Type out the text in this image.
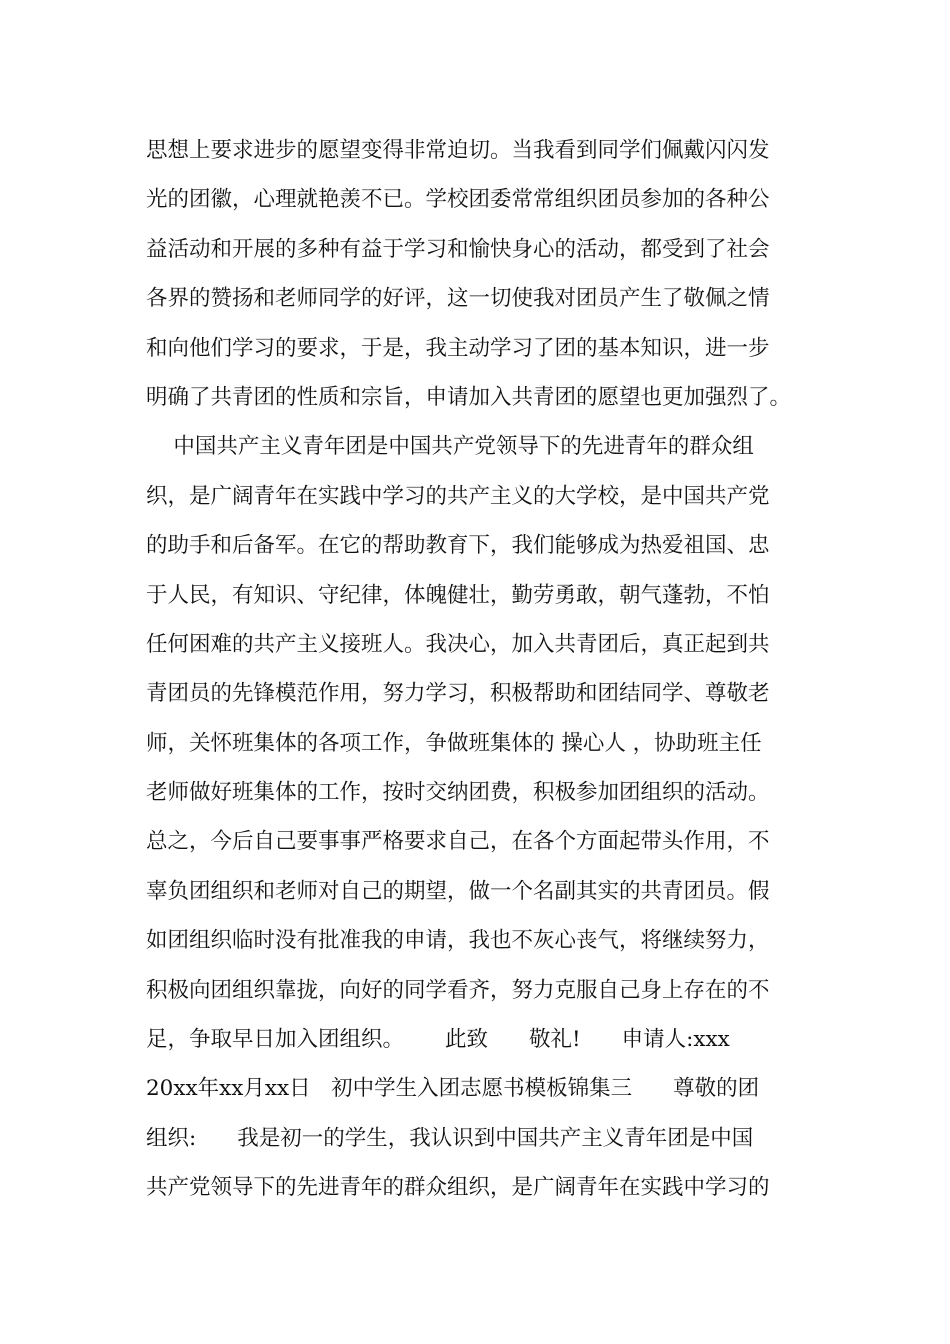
思想上要求进步的愿望变得非常迫切。当我看到同学们佩戴闪闪发
光的团徽，心理就艳羡不已。学校团委常常组织团员参加的各种公
益活动和开展的多种有益于学习和愉快身心的活动，都受到了社会
各界的赞扬和老师同学的好评，这一切使我对团员产生了敬佩之情
和向他们学习的要求，于是，我主动学习了团的基本知识，进一步
明确了共青团的性质和宗旨，申请加入共青团的愿望也更加强烈了。
中国共产主义青年团是中国共产党领导下的先进青年的群众组
织，是广阔青年在实践中学习的共产主义的大学校，是中国共产党
的助手和后备军。在它的帮助教育下，我们能够成为热爱祖国、忠
于人民，有知识、守纪律，体魄健壮，勤劳勇敢，朝气蓬勃，不怕
任何困难的共产主义接班人。我决心，加入共青团后，真正起到共
青团员的先锋模范作用，努力学习，积极帮助和团结同学、尊敬老
师，关怀班集体的各项工作，争做班集体的 操心人 ，协助班主任
老师做好班集体的工作，按时交纳团费，积极参加团组织的活动。
总之，今后自己要事事严格要求自己，在各个方面起带头作用，不
辜负团组织和老师对自己的期望，做一个名副其实的共青团员。假
如团组织临时没有批准我的申请，我也不灰心丧气，将继续努力，
积极向团组织靠拢，向好的同学看齐，努力克服自己身上存在的不
足，争取早日加入团组织。      此致      敬礼!      申请人:xxx
20xx年xx月xx日   初中学生入团志愿书模板锦集三      尊敬的团
组织:      我是初一的学生，我认识到中国共产主义青年团是中国
共产党领导下的先进青年的群众组织，是广阔青年在实践中学习的
